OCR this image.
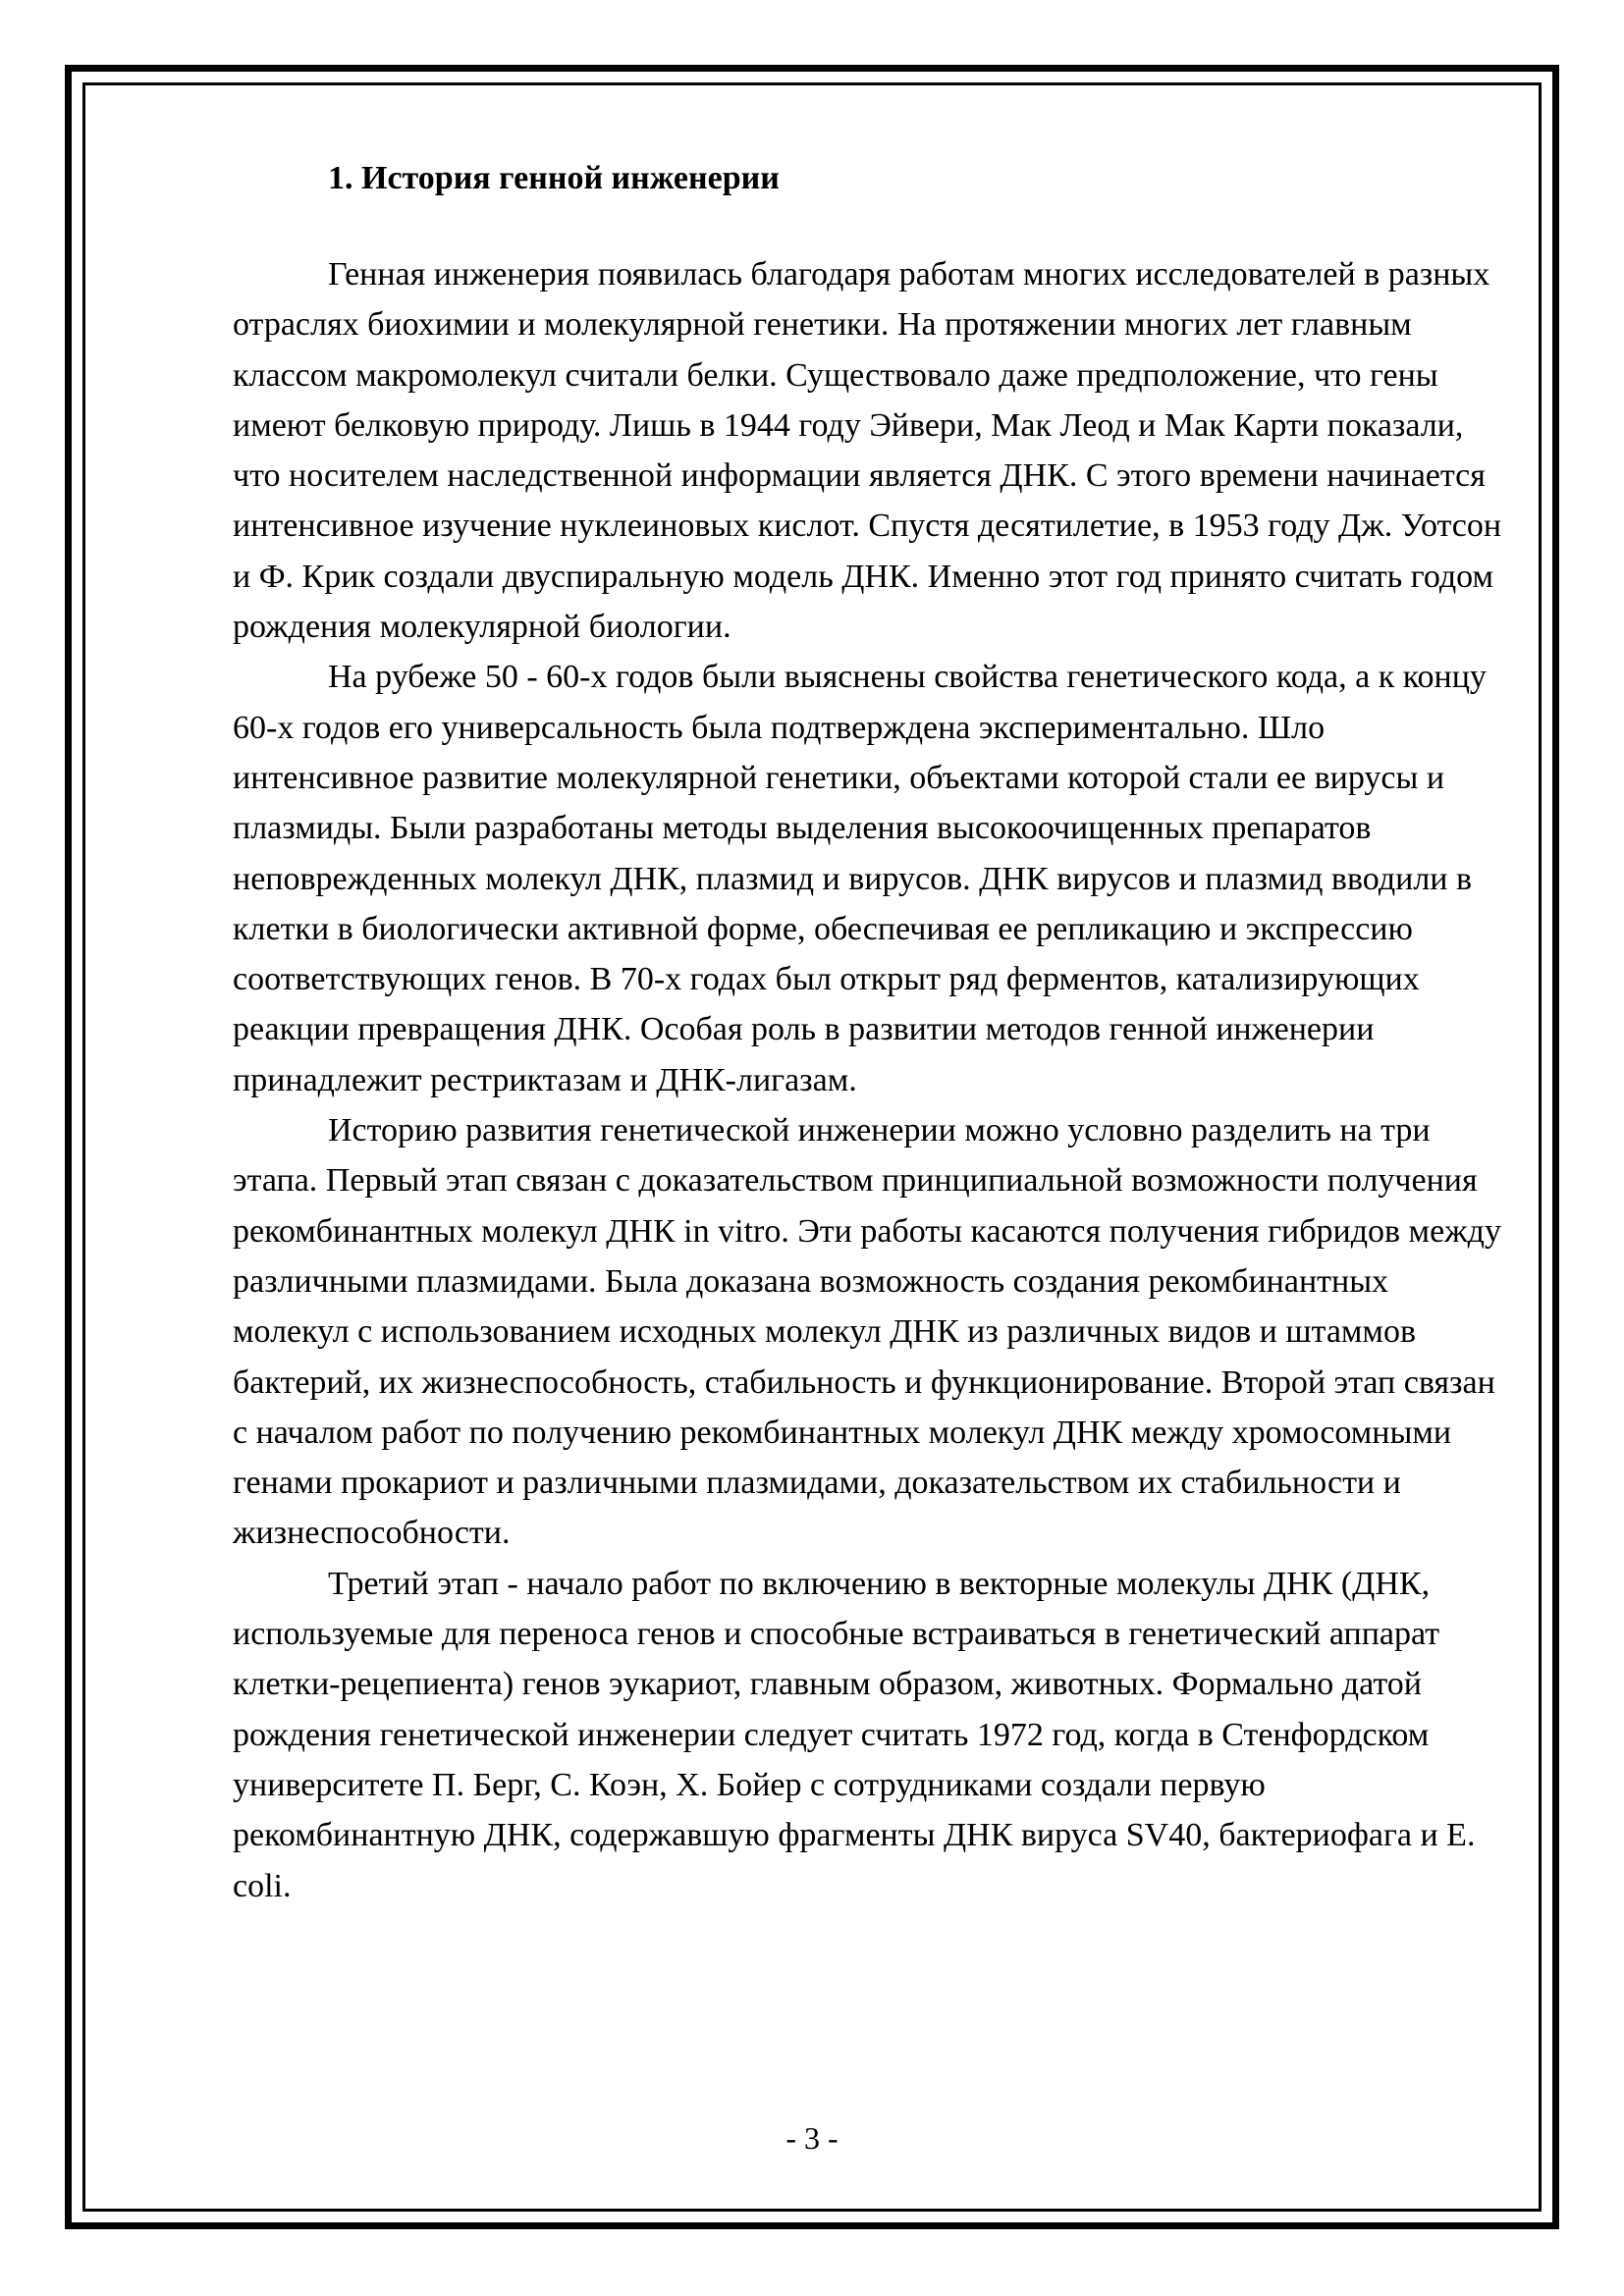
1. История генной инженерии

Генная инженерия появилась благодаря работам многих исследователей в разных отраслях биохимии и молекулярной генетики. На протяжении многих лет главным классом макромолекул считали белки. Существовало даже предположение, что гены имеют белковую природу. Лишь в 1944 году Эйвери, Мак Леод и Мак Карти показали, что носителем наследственной информации является ДНК. С этого времени начинается интенсивное изучение нуклеиновых кислот. Спустя десятилетие, в 1953 году Дж. Уотсон и Ф. Крик создали двуспиральную модель ДНК. Именно этот год принято считать годом рождения молекулярной биологии.

На рубеже 50 - 60-х годов были выяснены свойства генетического кода, а к концу 60-х годов его универсальность была подтверждена экспериментально. Шло интенсивное развитие молекулярной генетики, объектами которой стали ее вирусы и плазмиды. Были разработаны методы выделения высокоочищенных препаратов неповрежденных молекул ДНК, плазмид и вирусов. ДНК вирусов и плазмид вводили в клетки в биологически активной форме, обеспечивая ее репликацию и экспрессию соответствующих генов. В 70-х годах был открыт ряд ферментов, катализирующих реакции превращения ДНК. Особая роль в развитии методов генной инженерии принадлежит рестриктазам и ДНК-лигазам.

Историю развития генетической инженерии можно условно разделить на три этапа. Первый этап связан с доказательством принципиальной возможности получения рекомбинантных молекул ДНК in vitro. Эти работы касаются получения гибридов между различными плазмидами. Была доказана возможность создания рекомбинантных молекул с использованием исходных молекул ДНК из различных видов и штаммов бактерий, их жизнеспособность, стабильность и функционирование. Второй этап связан с началом работ по получению рекомбинантных молекул ДНК между хромосомными генами прокариот и различными плазмидами, доказательством их стабильности и жизнеспособности.

Третий этап - начало работ по включению в векторные молекулы ДНК (ДНК, используемые для переноса генов и способные встраиваться в генетический аппарат клетки-рецепиента) генов эукариот, главным образом, животных. Формально датой рождения генетической инженерии следует считать 1972 год, когда в Стенфордском университете П. Берг, С. Коэн, Х. Бойер с сотрудниками создали первую рекомбинантную ДНК, содержавшую фрагменты ДНК вируса SV40, бактериофага и E. coli.

- 3 -
